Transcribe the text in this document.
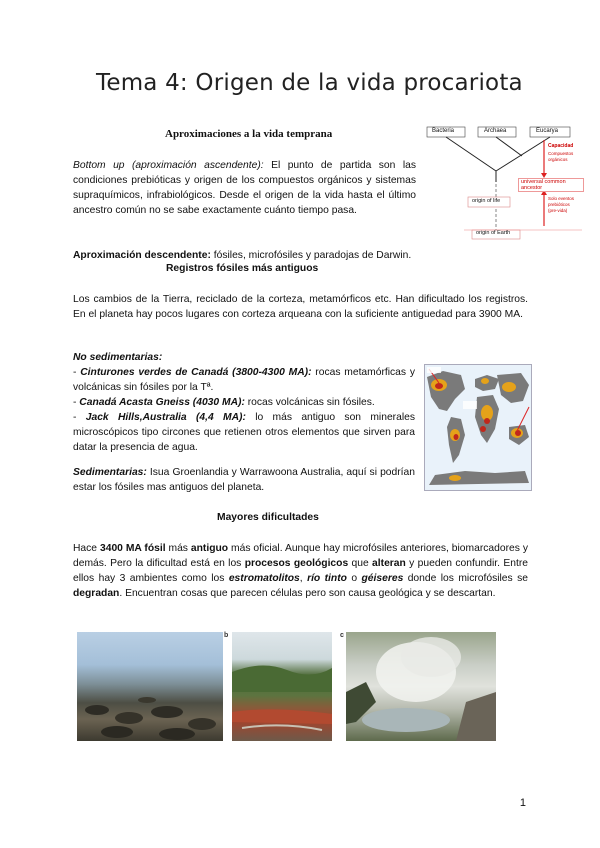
Tema 4: Origen de la vida procariota
Aproximaciones a la vida temprana	Bacteria	Archaea	Eucarya
Capacidad
Compuestos orgánicos
universal common ancestor
origin of life
origin of Earth
Solo eventos
prebióticos
(pre-vida)
Bottom up (aproximación ascendente): El punto de partida son las condiciones prebióticas y origen de los compuestos orgánicos y sistemas supraquímicos, infrabiológicos. Desde el origen de la vida hasta el último ancestro común no se sabe exactamente cuánto tiempo pasa.
Aproximación descendente: fósiles, microfósiles y paradojas de Darwin.
Registros fósiles más antiguos
Los cambios de la Tierra, reciclado de la corteza, metamórficos etc. Han dificultado los registros. En el planeta hay pocos lugares con corteza arqueana con la suficiente antiguedad para 3900 MA.
No sedimentarias:
- Cinturones verdes de Canadá (3800-4300 MA): rocas metamórficas y volcánicas sin fósiles por la Tª.
- Canadá Acasta Gneiss (4030 MA): rocas volcánicas sin fósiles.
- Jack Hills,Australia (4,4 MA): lo más antiguo son minerales microscópicos tipo circones que retienen otros elementos que sirven para datar la presencia de agua.
Sedimentarias: Isua Groenlandia y Warrawoona Australia, aquí si podrían estar los fósiles mas antiguos del planeta.
Mayores dificultades
Hace 3400 MA fósil más antiguo más oficial. Aunque hay microfósiles anteriores, biomarcadores y demás. Pero la dificultad está en los procesos geológicos que alteran y pueden confundir. Entre ellos hay 3 ambientes como los estromatolitos, río tinto o géiseres donde los microfósiles se degradan. Encuentran cosas que parecen células pero son causa geológica y se descartan.
b	c
1
